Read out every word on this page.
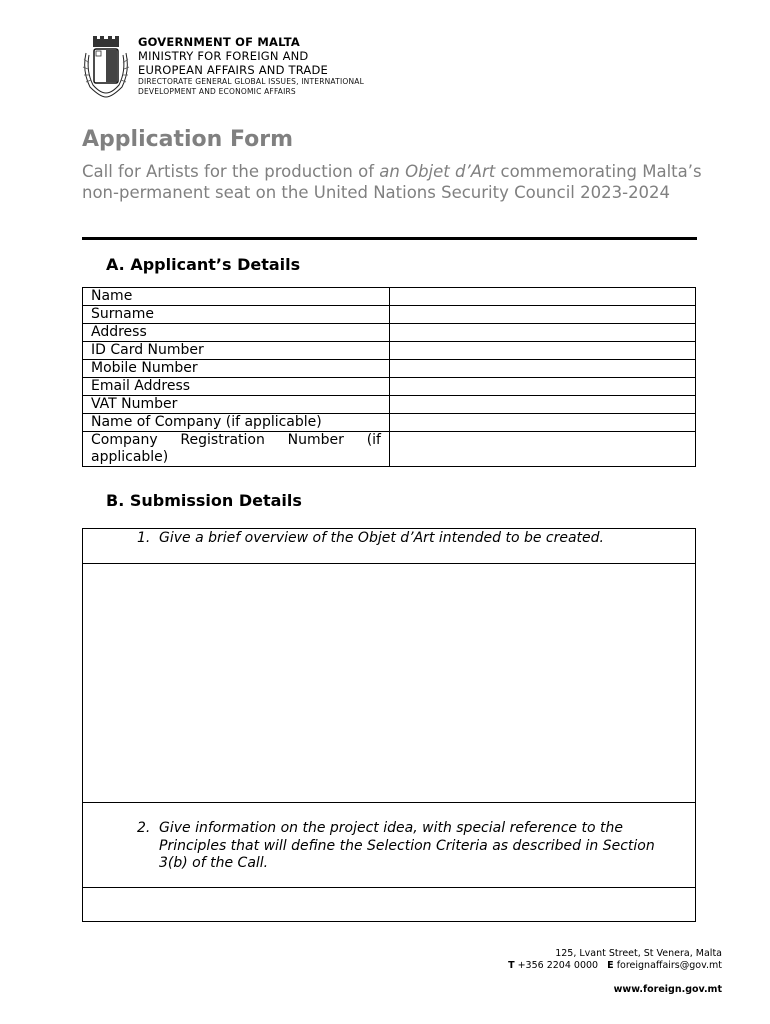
GOVERNMENT OF MALTA
MINISTRY FOR FOREIGN AND
EUROPEAN AFFAIRS AND TRADE
DIRECTORATE GENERAL GLOBAL ISSUES, INTERNATIONAL
DEVELOPMENT AND ECONOMIC AFFAIRS
Application Form

Call for Artists for the production of an Objet d’Art commemorating Malta’s non-permanent seat on the United Nations Security Council 2023-2024

A. Applicant’s Details
Name	
Surname	
Address	
ID Card Number	
Mobile Number	
Email Address	
VAT Number	
Name of Company (if applicable)	
Company Registration Number (if applicable)	
B. Submission Details
1. Give a brief overview of the Objet d’Art intended to be created.
2. Give information on the project idea, with special reference to the Principles that will define the Selection Criteria as described in Section 3(b) of the Call.
125, Lvant Street, St Venera, Malta
T +356 2204 0000 E foreignaffairs@gov.mt
www.foreign.gov.mt
